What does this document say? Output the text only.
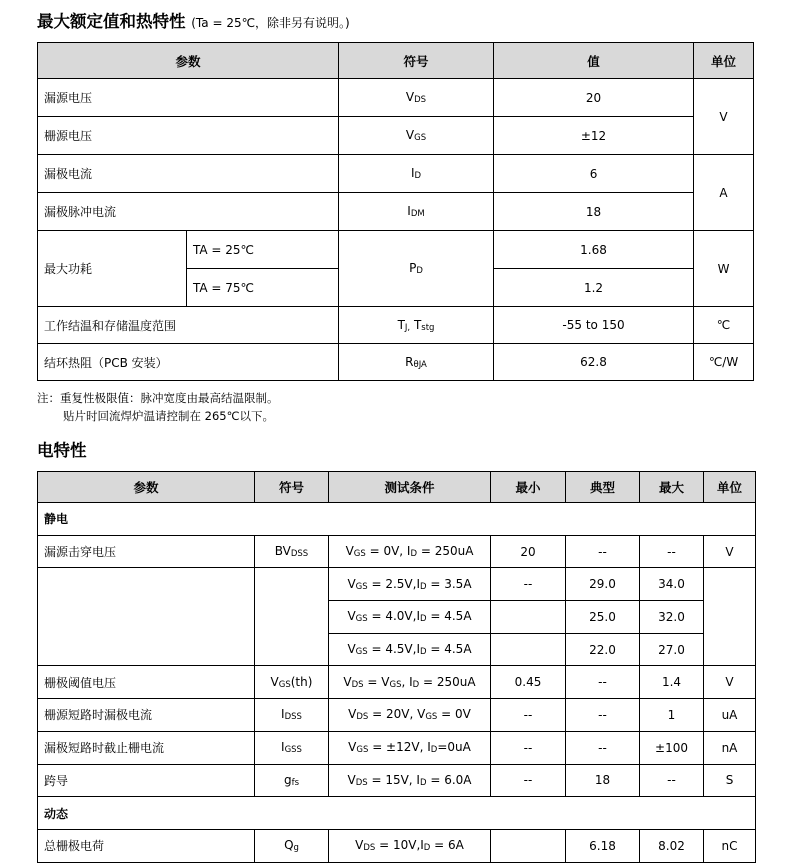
最大额定值和热特性 (Ta = 25℃，除非另有说明。)
参数		符号	值	单位
漏源电压		$V_{DS}$	20	V
栅源电压		$V_{GS}$	±12	
漏极电流		$I_D$	6	A
漏极脉冲电流		$I_{DM}$	18	
最大功耗	TA = 25℃	$P_D$	1.68	W
	TA = 75℃		1.2	
工作结温和存储温度范围		$T_{J,}$ $T_{stg}$	-55 to 150	℃
结环热阻（PCB 安装）		$R_{\theta JA}$	62.8	℃/W
注：重复性极限值：脉冲宽度由最高结温限制。
贴片时回流焊炉温请控制在 265℃以下。
电特性
参数	符号	测试条件	最小	典型	最大	单位
静电						
漏源击穿电压	$BV_{DSS}$	$V_{GS} = 0V$, $I_D = 250uA$	20	--	--	V
		$V_{GS} = 2.5V,I_D = 3.5A$	--	29.0	34.0	
		$V_{GS} = 4.0V,I_D = 4.5A$		25.0	32.0	
		$V_{GS} = 4.5V,I_D = 4.5A$		22.0	27.0	
栅极阈值电压	$V_{GS}(th)$	$V_{DS} = V_{GS}$, $I_D = 250uA$	0.45	--	1.4	V
栅源短路时漏极电流	$I_{DSS}$	$V_{DS} = 20V$, $V_{GS} = 0V$	--	--	1	uA
漏极短路时截止栅电流	$I_{GSS}$	$V_{GS} = \pm 12V$, $I_D=0uA$	--	--	±100	nA
跨导	$g_{fs}$	$V_{DS} = 15V$, $I_D = 6.0A$	--	18	--	S
动态						
总栅极电荷	$Q_g$	$V_{DS} = 10V,I_D = 6A$		6.18	8.02	nC
